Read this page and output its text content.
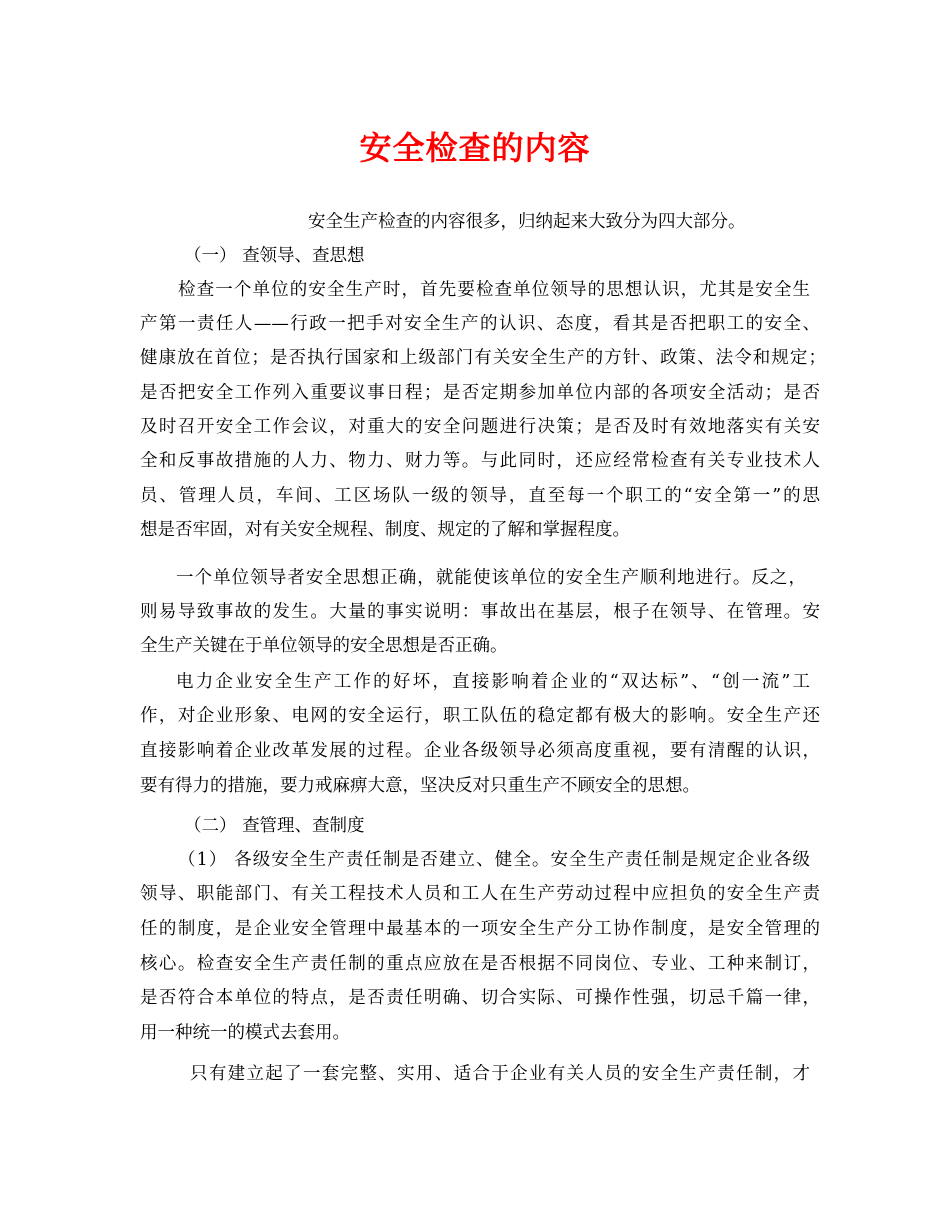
安全检查的内容
安全生产检查的内容很多，归纳起来大致分为四大部分。
（一） 查领导、查思想
检查一个单位的安全生产时，首先要检查单位领导的思想认识，尤其是安全生
产第一责任人——行政一把手对安全生产的认识、态度，看其是否把职工的安全、
健康放在首位；是否执行国家和上级部门有关安全生产的方针、政策、法令和规定；
是否把安全工作列入重要议事日程；是否定期参加单位内部的各项安全活动；是否
及时召开安全工作会议，对重大的安全问题进行决策；是否及时有效地落实有关安
全和反事故措施的人力、物力、财力等。与此同时，还应经常检查有关专业技术人
员、管理人员，车间、工区场队一级的领导，直至每一个职工的“安全第一”的思
想是否牢固，对有关安全规程、制度、规定的了解和掌握程度。
一个单位领导者安全思想正确，就能使该单位的安全生产顺利地进行。反之，
则易导致事故的发生。大量的事实说明：事故出在基层，根子在领导、在管理。安
全生产关键在于单位领导的安全思想是否正确。
电力企业安全生产工作的好坏，直接影响着企业的“双达标”、“创一流”工
作，对企业形象、电网的安全运行，职工队伍的稳定都有极大的影响。安全生产还
直接影响着企业改革发展的过程。企业各级领导必须高度重视，要有清醒的认识，
要有得力的措施，要力戒麻痹大意，坚决反对只重生产不顾安全的思想。
（二） 查管理、查制度
（1） 各级安全生产责任制是否建立、健全。安全生产责任制是规定企业各级
领导、职能部门、有关工程技术人员和工人在生产劳动过程中应担负的安全生产责
任的制度，是企业安全管理中最基本的一项安全生产分工协作制度，是安全管理的
核心。检查安全生产责任制的重点应放在是否根据不同岗位、专业、工种来制订，
是否符合本单位的特点，是否责任明确、切合实际、可操作性强，切忌千篇一律，
用一种统一的模式去套用。
只有建立起了一套完整、实用、适合于企业有关人员的安全生产责任制，才
